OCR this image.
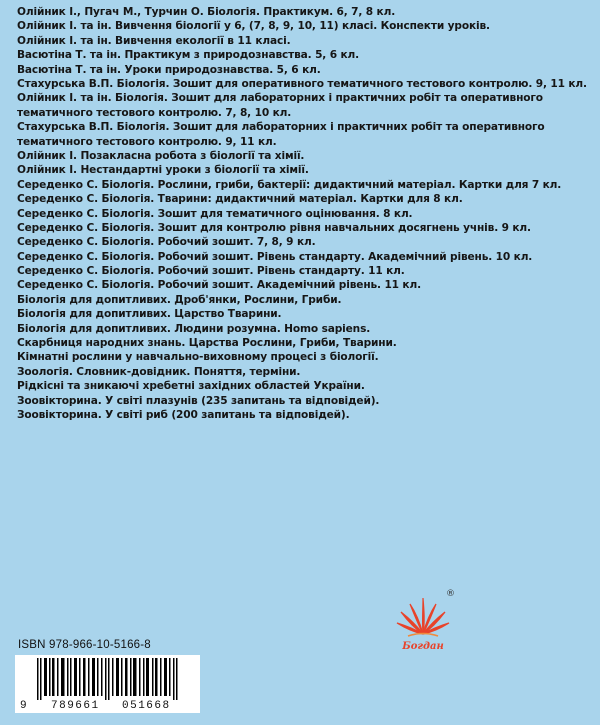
Олійник І., Пугач М., Турчин О. Біологія. Практикум. 6, 7, 8 кл.
Олійник І. та ін. Вивчення біології у 6, (7, 8, 9, 10, 11) класі. Конспекти уроків.
Олійник І. та ін. Вивчення екології в 11 класі.
Васютіна Т. та ін. Практикум з природознавства. 5, 6 кл.
Васютіна Т. та ін. Уроки природознавства. 5, 6 кл.
Стахурська В.П. Біологія. Зошит для оперативного тематичного тестового контролю. 9, 11 кл.
Олійник І. та ін. Біологія. Зошит для лабораторних і практичних робіт та оперативного тематичного тестового контролю. 7, 8, 10 кл.
Стахурська В.П. Біологія. Зошит для лабораторних і практичних робіт та оперативного тематичного тестового контролю. 9, 11 кл.
Олійник І. Позакласна робота з біології та хімії.
Олійник І. Нестандартні уроки з біології та хімії.
Середенко С. Біологія. Рослини, гриби, бактерії: дидактичний матеріал. Картки для 7 кл.
Середенко С. Біологія. Тварини: дидактичний матеріал. Картки для 8 кл.
Середенко С. Біологія. Зошит для тематичного оцінювання. 8 кл.
Середенко С. Біологія. Зошит для контролю рівня навчальних досягнень учнів. 9 кл.
Середенко С. Біологія. Робочий зошит. 7, 8, 9 кл.
Середенко С. Біологія. Робочий зошит. Рівень стандарту. Академічний рівень. 10 кл.
Середенко С. Біологія. Робочий зошит. Рівень стандарту. 11 кл.
Середенко С. Біологія. Робочий зошит. Академічний рівень. 11 кл.
Біологія для допитливих. Дроб'янки, Рослини, Гриби.
Біологія для допитливих. Царство Тварини.
Біологія для допитливих. Людини розумна. Homo sapiens.
Скарбниця народних знань. Царства Рослини, Гриби, Тварини.
Кімнатні рослини у навчально-виховному процесі з біології.
Зоологія. Словник-довідник. Поняття, терміни.
Рідкісні та зникаючі хребетні західних областей України.
Зоовікторина. У світі плазунів (235 запитань та відповідей).
Зоовікторина. У світі риб (200 запитань та відповідей).
Богдан
®
ISBN 978-966-10-5166-8
9 789661 051668
